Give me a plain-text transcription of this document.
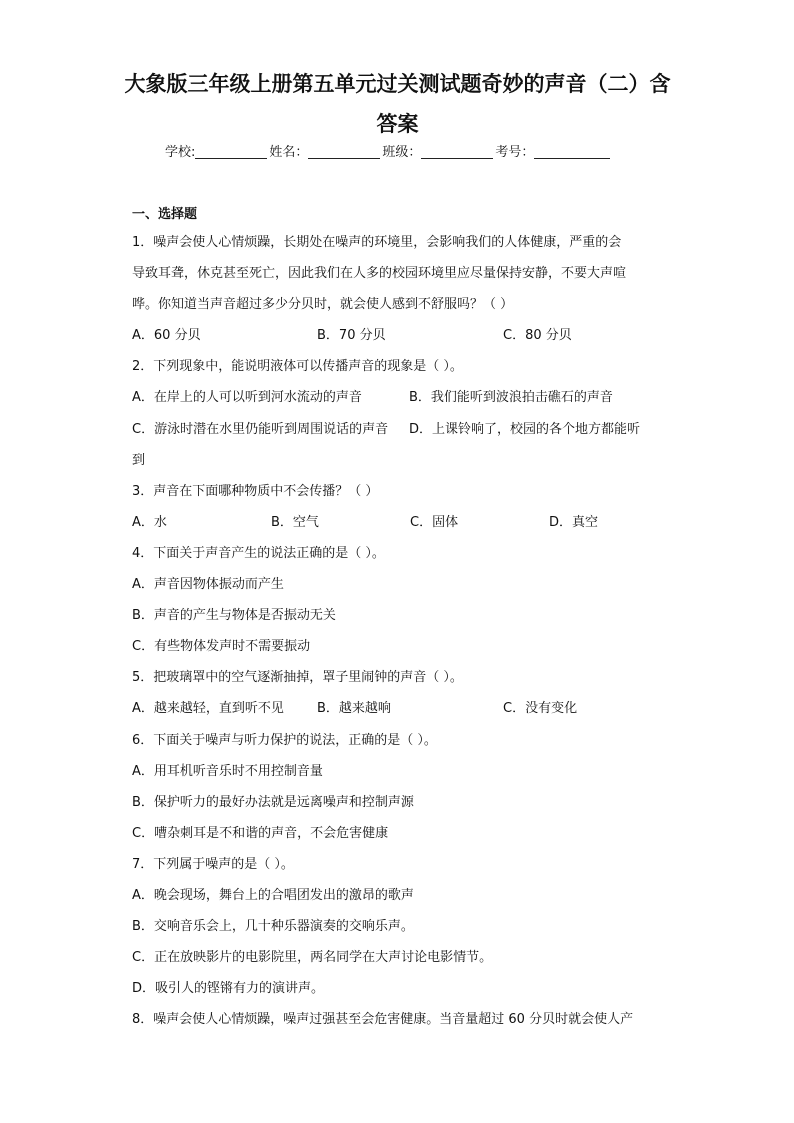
大象版三年级上册第五单元过关测试题奇妙的声音（二）含
答案
学校:	姓名：	班级：	考号：
一、选择题
1．噪声会使人心情烦躁，长期处在噪声的环境里，会影响我们的人体健康，严重的会
导致耳聋，休克甚至死亡，因此我们在人多的校园环境里应尽量保持安静，不要大声喧
哗。你知道当声音超过多少分贝时，就会使人感到不舒服吗？（ ）
A．60 分贝	B．70 分贝	C．80 分贝
2．下列现象中，能说明液体可以传播声音的现象是（ ）。
A．在岸上的人可以听到河水流动的声音	B．我们能听到波浪拍击礁石的声音
C．游泳时潜在水里仍能听到周围说话的声音	D．上课铃响了，校园的各个地方都能听
到
3．声音在下面哪种物质中不会传播？（ ）
A．水	B．空气	C．固体	D．真空
4．下面关于声音产生的说法正确的是（ ）。
A．声音因物体振动而产生
B．声音的产生与物体是否振动无关
C．有些物体发声时不需要振动
5．把玻璃罩中的空气逐渐抽掉，罩子里闹钟的声音（ ）。
A．越来越轻，直到听不见	B．越来越响	C．没有变化
6．下面关于噪声与听力保护的说法，正确的是（ ）。
A．用耳机听音乐时不用控制音量
B．保护听力的最好办法就是远离噪声和控制声源
C．嘈杂刺耳是不和谐的声音，不会危害健康
7．下列属于噪声的是（ ）。
A．晚会现场，舞台上的合唱团发出的激昂的歌声
B．交响音乐会上，几十种乐器演奏的交响乐声。
C．正在放映影片的电影院里，两名同学在大声讨论电影情节。
D．吸引人的铿锵有力的演讲声。
8．噪声会使人心情烦躁，噪声过强甚至会危害健康。当音量超过 60 分贝时就会使人产
